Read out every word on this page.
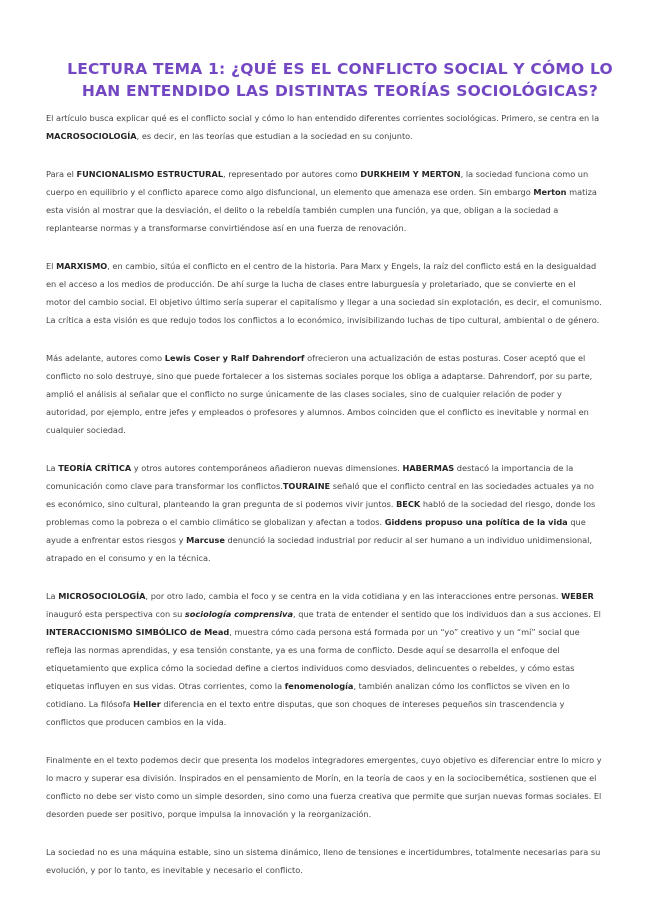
LECTURA TEMA 1: ¿QUÉ ES EL CONFLICTO SOCIAL Y CÓMO LO HAN ENTENDIDO LAS DISTINTAS TEORÍAS SOCIOLÓGICAS?

El artículo busca explicar qué es el conflicto social y cómo lo han entendido diferentes corrientes sociológicas. Primero, se centra en la MACROSOCIOLOGÍA, es decir, en las teorías que estudian a la sociedad en su conjunto.

Para el FUNCIONALISMO ESTRUCTURAL, representado por autores como DURKHEIM Y MERTON, la sociedad funciona como un cuerpo en equilibrio y el conflicto aparece como algo disfuncional, un elemento que amenaza ese orden. Sin embargo Merton matiza esta visión al mostrar que la desviación, el delito o la rebeldía también cumplen una función, ya que, obligan a la sociedad a replantearse normas y a transformarse convirtiéndose así en una fuerza de renovación.

El MARXISMO, en cambio, sitúa el conflicto en el centro de la historia. Para Marx y Engels, la raíz del conflicto está en la desigualdad en el acceso a los medios de producción. De ahí surge la lucha de clases entre laburguesía y proletariado, que se convierte en el motor del cambio social. El objetivo último sería superar el capitalismo y llegar a una sociedad sin explotación, es decir, el comunismo. La crítica a esta visión es que redujo todos los conflictos a lo económico, invisibilizando luchas de tipo cultural, ambiental o de género.

Más adelante, autores como Lewis Coser y Ralf Dahrendorf ofrecieron una actualización de estas posturas. Coser aceptó que el conflicto no solo destruye, sino que puede fortalecer a los sistemas sociales porque los obliga a adaptarse. Dahrendorf, por su parte, amplió el análisis al señalar que el conflicto no surge únicamente de las clases sociales, sino de cualquier relación de poder y autoridad, por ejemplo, entre jefes y empleados o profesores y alumnos. Ambos coinciden que el conflicto es inevitable y normal en cualquier sociedad.

La TEORÍA CRÍTICA y otros autores contemporáneos añadieron nuevas dimensiones. HABERMAS destacó la importancia de la comunicación como clave para transformar los conflictos.TOURAINE señaló que el conflicto central en las sociedades actuales ya no es económico, sino cultural, planteando la gran pregunta de si podemos vivir juntos. BECK habló de la sociedad del riesgo, donde los problemas como la pobreza o el cambio climático se globalizan y afectan a todos. Giddens propuso una política de la vida que ayude a enfrentar estos riesgos y Marcuse denunció la sociedad industrial por reducir al ser humano a un individuo unidimensional, atrapado en el consumo y en la técnica.

La MICROSOCIOLOGÍA, por otro lado, cambia el foco y se centra en la vida cotidiana y en las interacciones entre personas. WEBER inauguró esta perspectiva con su sociología comprensiva, que trata de entender el sentido que los individuos dan a sus acciones. El INTERACCIONISMO SIMBÓLICO de Mead, muestra cómo cada persona está formada por un “yo” creativo y un “mí” social que refleja las normas aprendidas, y esa tensión constante, ya es una forma de conflicto. Desde aquí se desarrolla el enfoque del etiquetamiento que explica cómo la sociedad define a ciertos individuos como desviados, delincuentes o rebeldes, y cómo estas etiquetas influyen en sus vidas. Otras corrientes, como la fenomenología, también analizan cómo los conflictos se viven en lo cotidiano. La filósofa Heller diferencia en el texto entre disputas, que son choques de intereses pequeños sin trascendencia y conflictos que producen cambios en la vida.

Finalmente en el texto podemos decir que presenta los modelos integradores emergentes, cuyo objetivo es diferenciar entre lo micro y lo macro y superar esa división. Inspirados en el pensamiento de Morín, en la teoría de caos y en la sociocibernética, sostienen que el conflicto no debe ser visto como un simple desorden, sino como una fuerza creativa que permite que surjan nuevas formas sociales. El desorden puede ser positivo, porque impulsa la innovación y la reorganización.

La sociedad no es una máquina estable, sino un sistema dinámico, lleno de tensiones e incertidumbres, totalmente necesarias para su evolución, y por lo tanto, es inevitable y necesario el conflicto.
